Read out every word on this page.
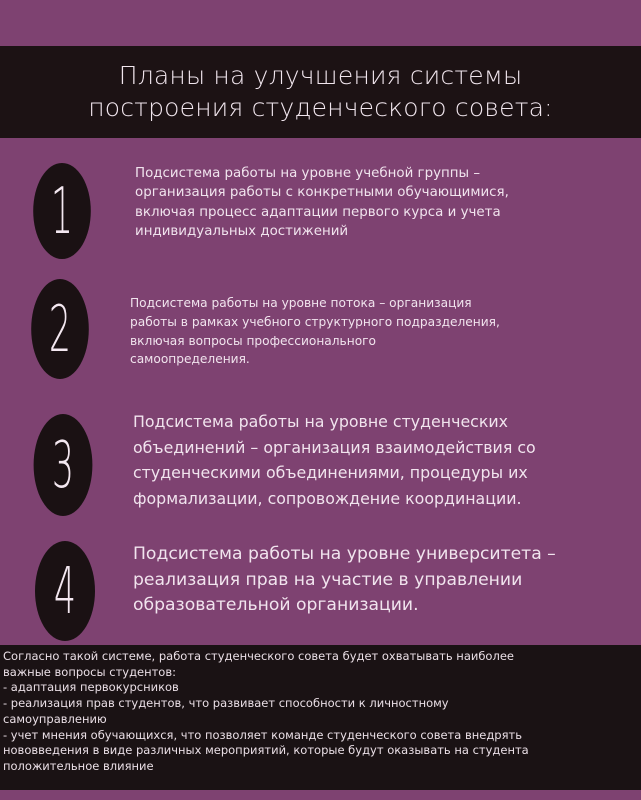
Планы на улучшения системы
построения студенческого совета:
1
Подсистема работы на уровне учебной группы –
организация работы с конкретными обучающимися,
включая процесс адаптации первого курса и учета
индивидуальных достижений
2	Подсистема работы на уровне потока – организация
работы в рамках учебного структурного подразделения,
включая вопросы профессионального
самоопределения.
3
Подсистема работы на уровне студенческих
объединений – организация взаимодействия со
студенческими объединениями, процедуры их
формализации, сопровождение координации.
4	Подсистема работы на уровне университета –
реализация прав на участие в управлении
образовательной организации.
Согласно такой системе, работа студенческого совета будет охватывать наиболее
важные вопросы студентов:
- адаптация первокурсников
- реализация прав студентов, что развивает способности к личностному
самоуправлению
- учет мнения обучающихся, что позволяет команде студенческого совета внедрять
нововведения в виде различных мероприятий, которые будут оказывать на студента
положительное влияние
